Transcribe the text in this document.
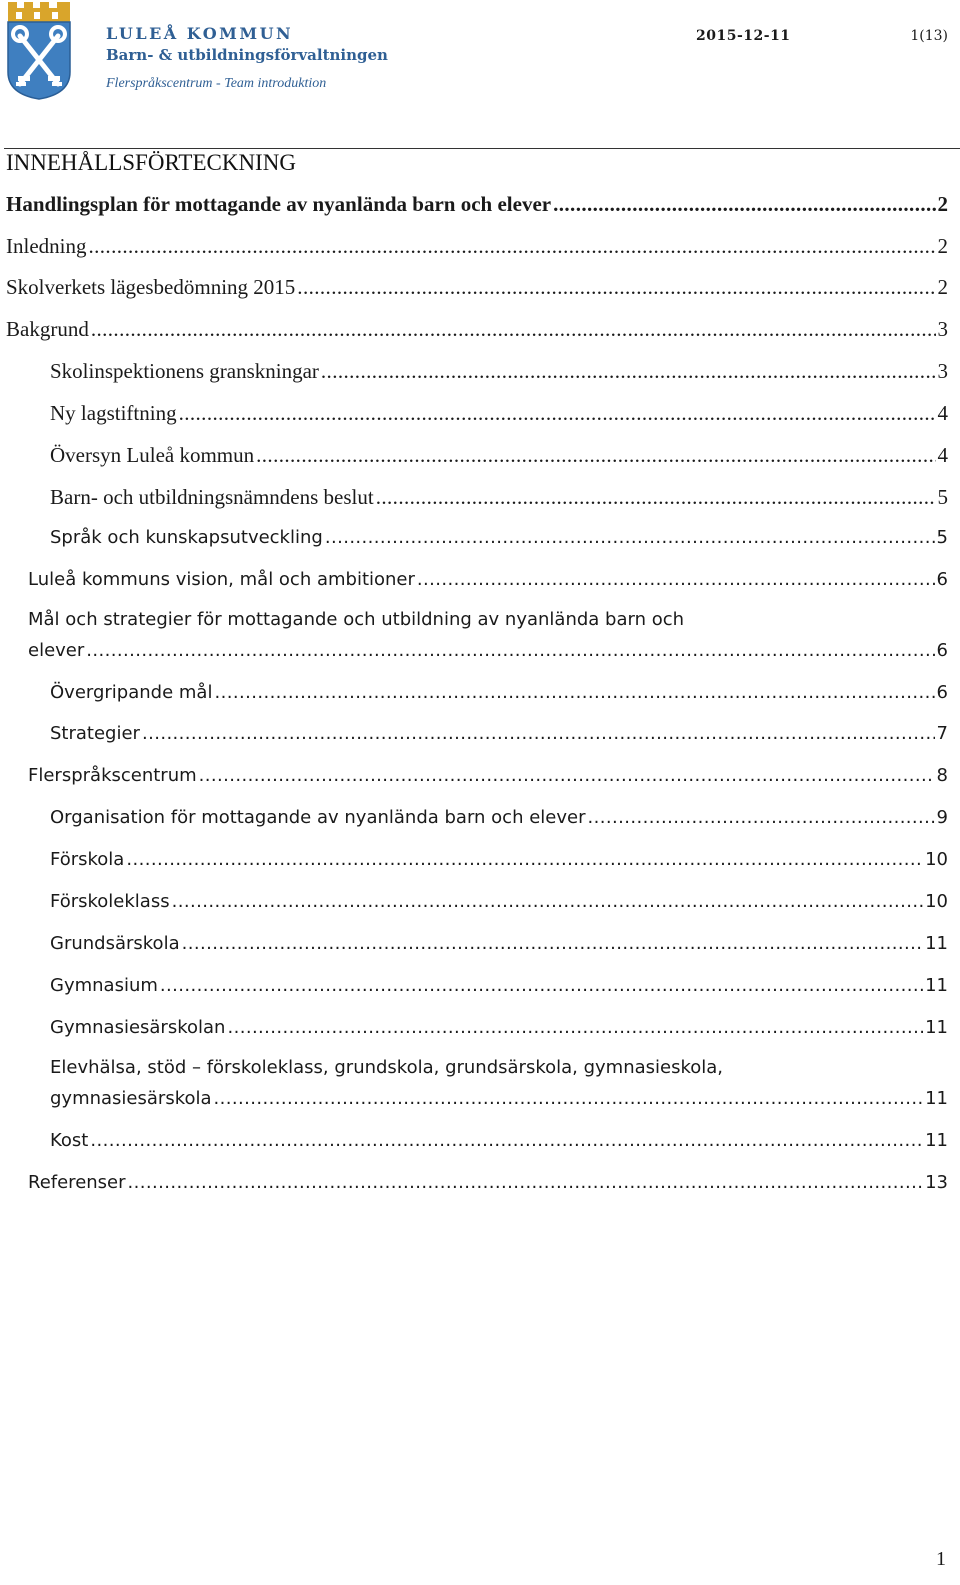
LULEÅ KOMMUN
Barn- & utbildningsförvaltningen
Flerspråkscentrum - Team introduktion
2015-12-11	1(13)
INNEHÅLLSFÖRTECKNING
Handlingsplan för mottagande av nyanlända barn och elever .....	2
Inledning .....	2
Skolverkets lägesbedömning 2015 .....	2
Bakgrund .....	3
Skolinspektionens granskningar .....	3
Ny lagstiftning .....	4
Översyn Luleå kommun .....	4
Barn- och utbildningsnämndens beslut .....	5
Språk och kunskapsutveckling .....	5
Luleå kommuns vision, mål och ambitioner .....	6
Mål och strategier för mottagande och utbildning av nyanlända barn och
elever .....	6
Övergripande mål .....	6
Strategier .....	7
Flerspråkscentrum .....	8
Organisation för mottagande av nyanlända barn och elever .....	9
Förskola .....	10
Förskoleklass .....	10
Grundsärskola .....	11
Gymnasium .....	11
Gymnasiesärskolan .....	11
Elevhälsa, stöd – förskoleklass, grundskola, grundsärskola, gymnasieskola,
gymnasiesärskola .....	11
Kost .....	11
Referenser .....	13
1
